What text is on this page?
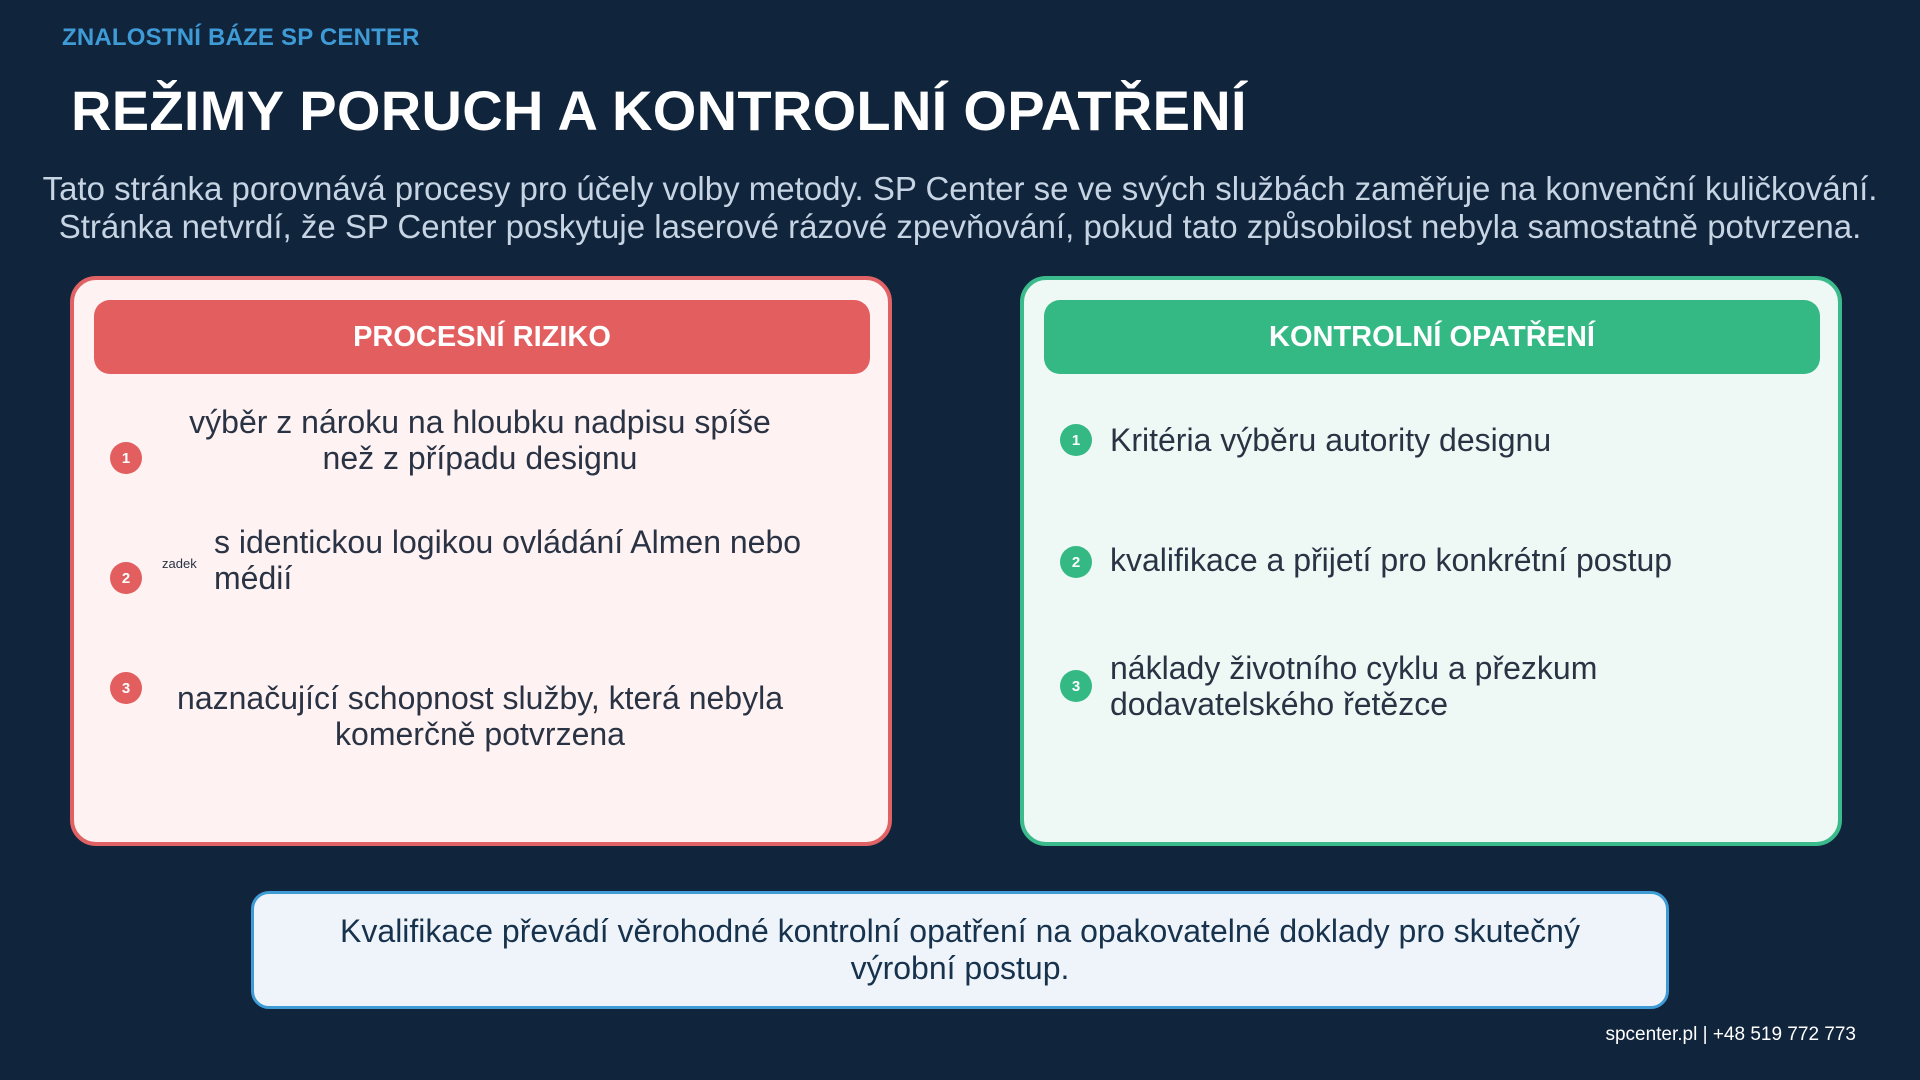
ZNALOSTNÍ BÁZE SP CENTER
REŽIMY PORUCH A KONTROLNÍ OPATŘENÍ
Tato stránka porovnává procesy pro účely volby metody. SP Center se ve svých službách zaměřuje na konvenční kuličkování.
Stránka netvrdí, že SP Center poskytuje laserové rázové zpevňování, pokud tato způsobilost nebyla samostatně potvrzena.
PROCESNÍ RIZIKO
1
výběr z nároku na hloubku nadpisu spíše než z případu designu
2
zadek
s identickou logikou ovládání Almen nebo médií
3	naznačující schopnost služby, která nebyla komerčně potvrzena
KONTROLNÍ OPATŘENÍ
1 Kritéria výběru autority designu
2 kvalifikace a přijetí pro konkrétní postup
3 náklady životního cyklu a přezkum dodavatelského řetězce
Kvalifikace převádí věrohodné kontrolní opatření na opakovatelné doklady pro skutečný výrobní postup.
spcenter.pl | +48 519 772 773
